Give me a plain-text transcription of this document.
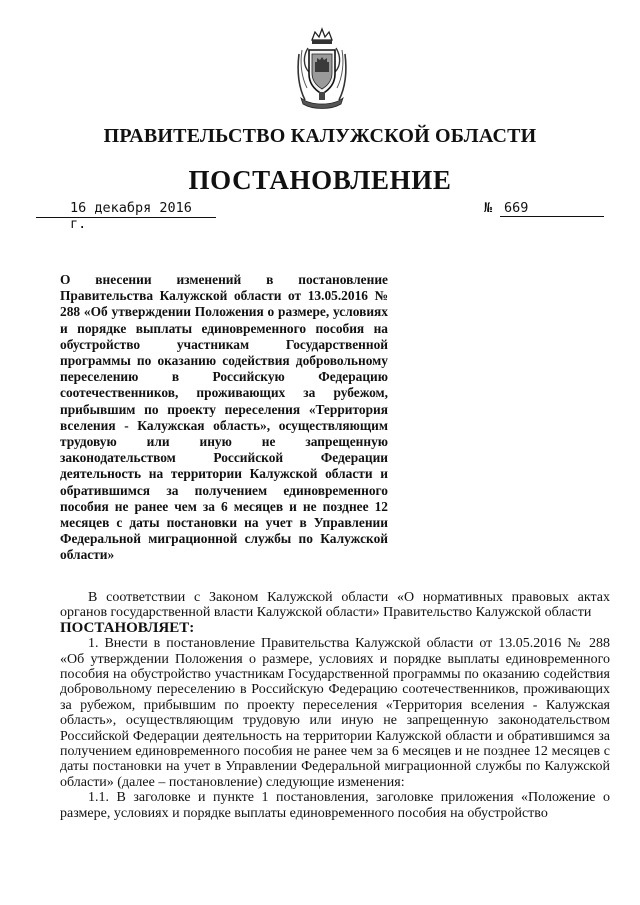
ПРАВИТЕЛЬСТВО КАЛУЖСКОЙ ОБЛАСТИ
ПОСТАНОВЛЕНИЕ
16 декабря 2016 г.
№ 669
О внесении изменений в постановление Правительства Калужской области от 13.05.2016 № 288 «Об утверждении Положения о размере, условиях и порядке выплаты единовременного пособия на обустройство участникам Государственной программы по оказанию содействия добровольному переселению в Российскую Федерацию соотечественников, проживающих за рубежом, прибывшим по проекту переселения «Территория вселения - Калужская область», осуществляющим трудовую или иную не запрещенную законодательством Российской Федерации деятельность на территории Калужской области и обратившимся за получением единовременного пособия не ранее чем за 6 месяцев и не позднее 12 месяцев с даты постановки на учет в Управлении Федеральной миграционной службы по Калужской области»

В соответствии с Законом Калужской области «О нормативных правовых актах органов государственной власти Калужской области» Правительство Калужской области

ПОСТАНОВЛЯЕТ:

1. Внести в постановление Правительства Калужской области от 13.05.2016 № 288 «Об утверждении Положения о размере, условиях и порядке выплаты единовременного пособия на обустройство участникам Государственной программы по оказанию содействия добровольному переселению в Российскую Федерацию соотечественников, проживающих за рубежом, прибывшим по проекту переселения «Территория вселения - Калужская область», осуществляющим трудовую или иную не запрещенную законодательством Российской Федерации деятельность на территории Калужской области и обратившимся за получением единовременного пособия не ранее чем за 6 месяцев и не позднее 12 месяцев с даты постановки на учет в Управлении Федеральной миграционной службы по Калужской области» (далее – постановление) следующие изменения:

1.1. В заголовке и пункте 1 постановления, заголовке приложения «Положение о размере, условиях и порядке выплаты единовременного пособия на обустройство
